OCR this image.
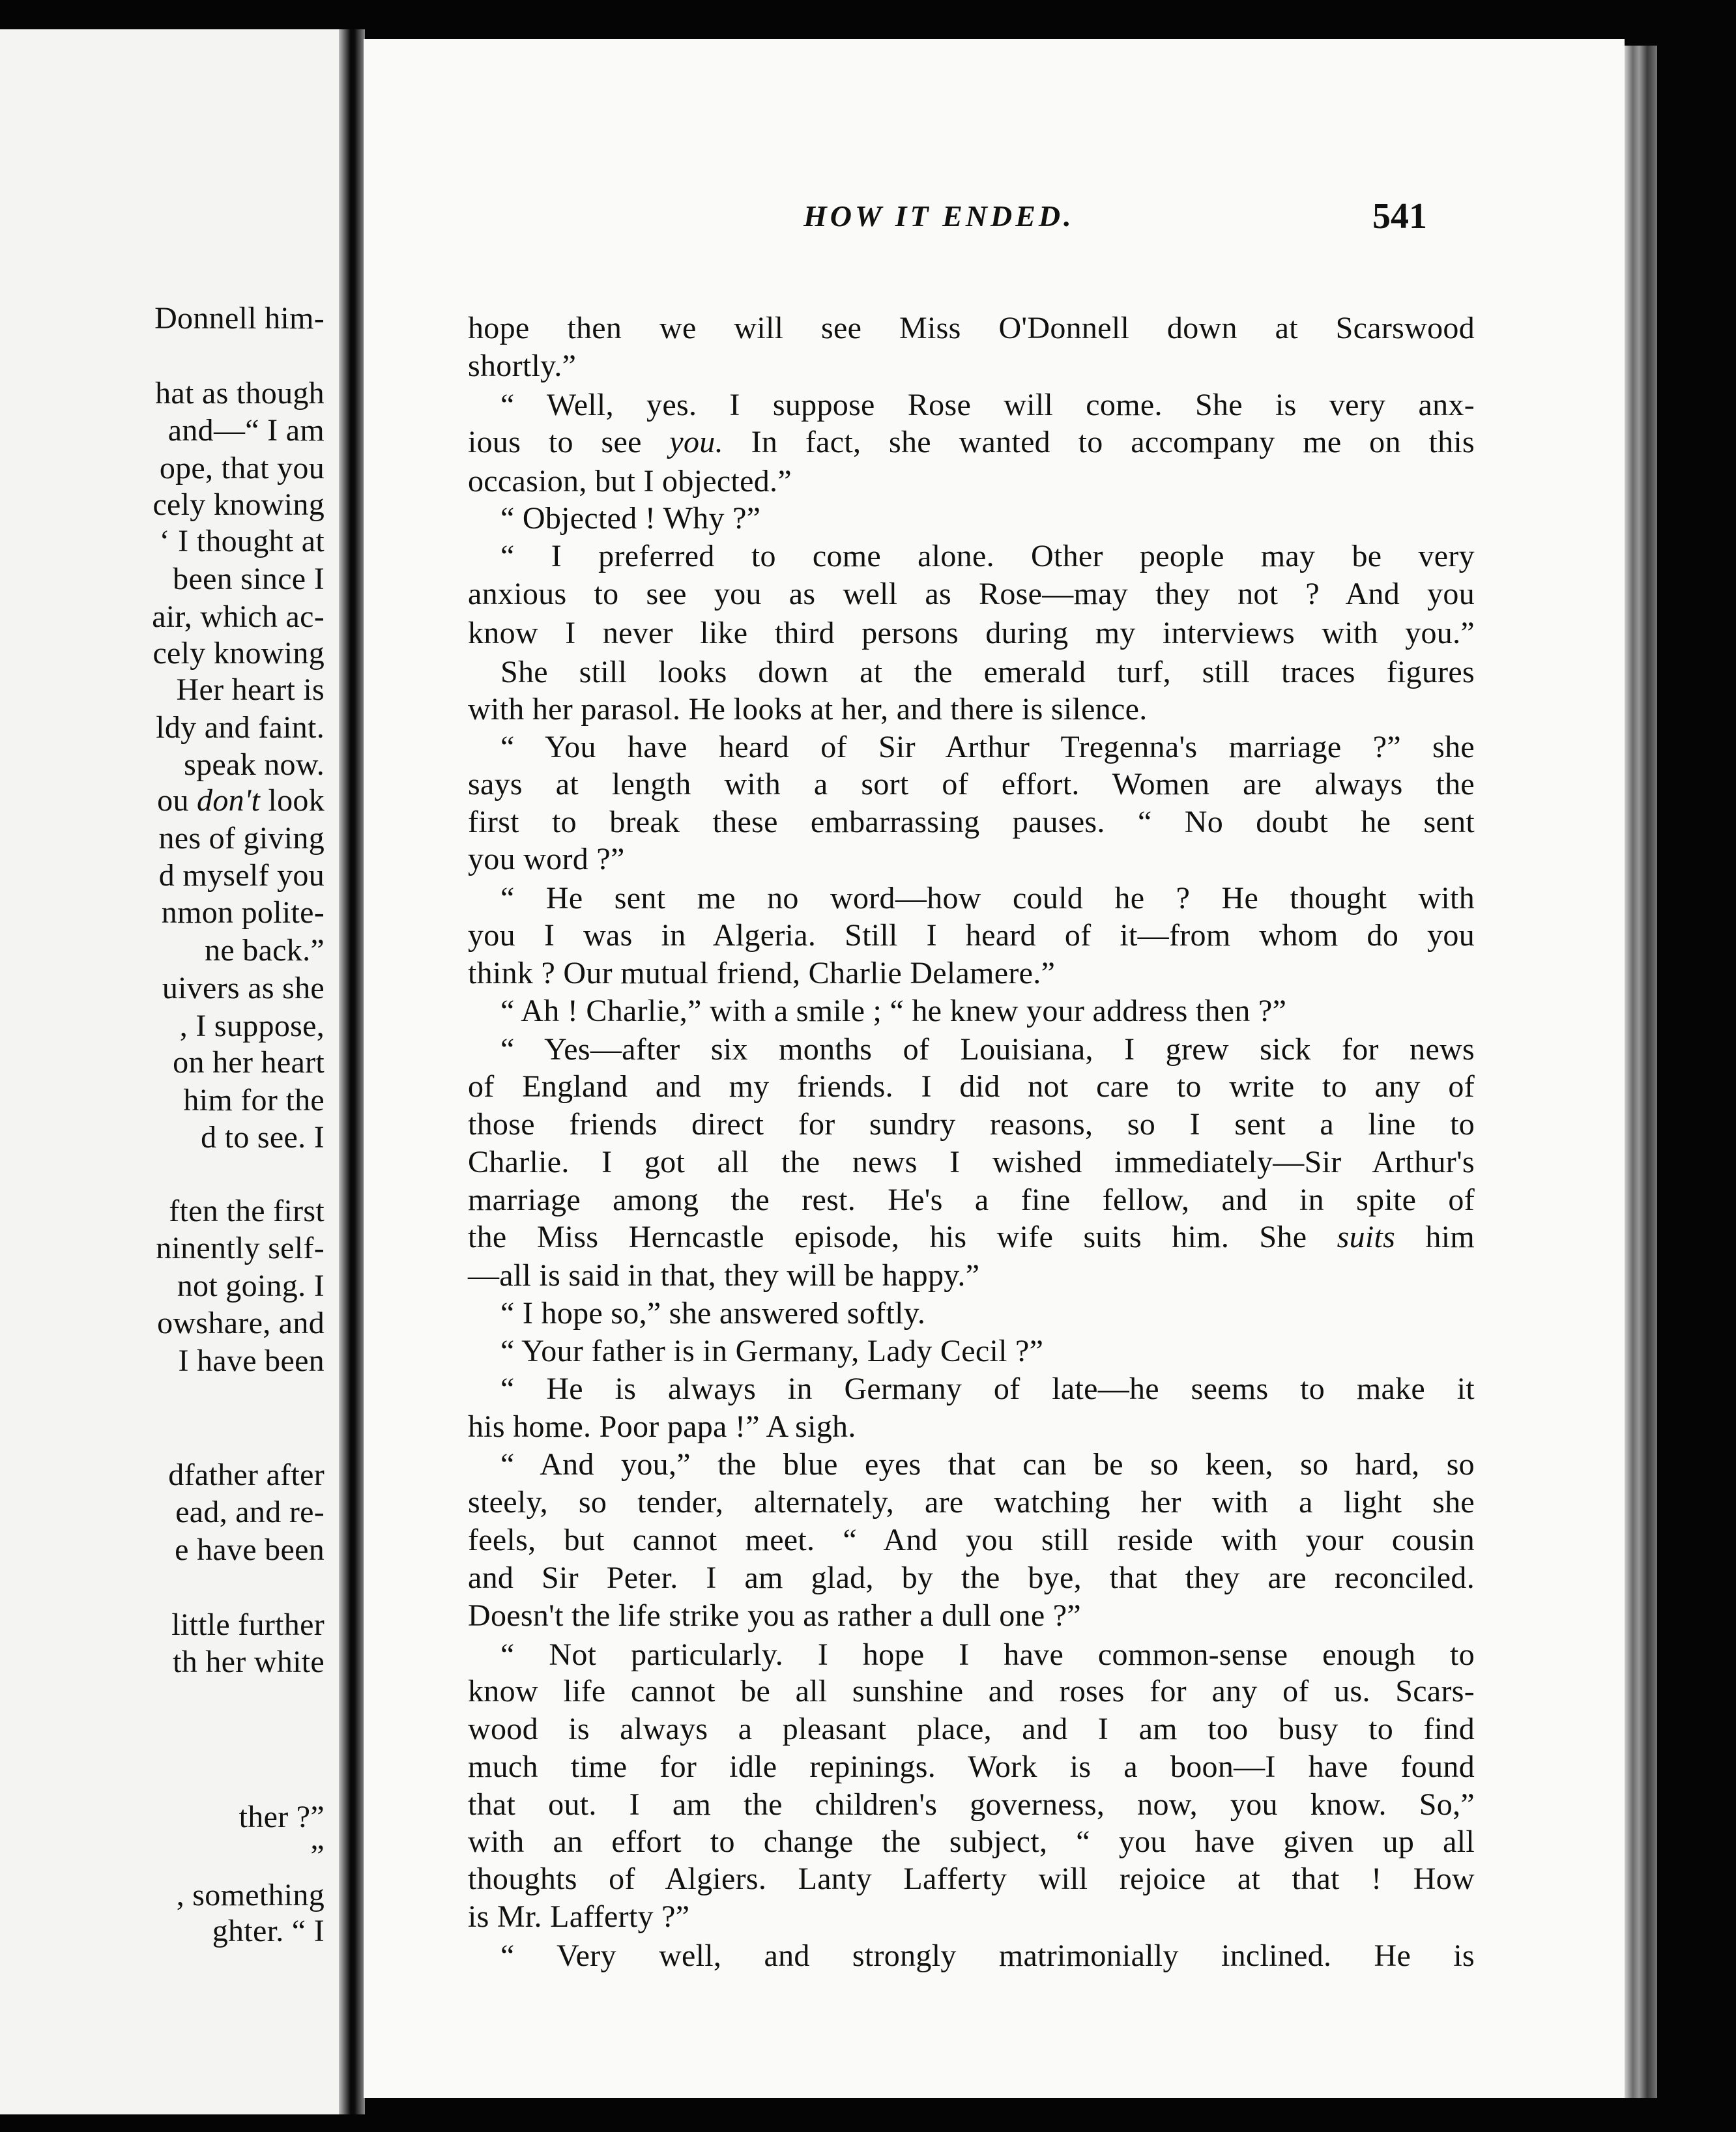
Donnell him-
hat as though
and—“ I am
ope, that you
cely knowing
‘ I thought at
been since I
air, which ac-
cely knowing
Her heart is
ldy and faint.
speak now.
ou don't look
nes of giving
d myself you
nmon polite-
ne back.”
uivers as she
, I suppose,
on her heart
him for the
d to see. I
ften the first
ninently self-
not going. I
owshare, and
I have been
dfather after
ead, and re-
e have been
little further
th her white
ther ?”
”
, something
ghter. “ I
HOW IT ENDED.	541
hope then we will see Miss O'Donnell down at Scarswood
shortly.”
“ Well, yes. I suppose Rose will come. She is very anx-
ious to see you. In fact, she wanted to accompany me on this
occasion, but I objected.”
“ Objected ! Why ?”
“ I preferred to come alone. Other people may be very
anxious to see you as well as Rose—may they not ? And you
know I never like third persons during my interviews with you.”
She still looks down at the emerald turf, still traces figures
with her parasol. He looks at her, and there is silence.
“ You have heard of Sir Arthur Tregenna's marriage ?” she
says at length with a sort of effort. Women are always the
first to break these embarrassing pauses. “ No doubt he sent
you word ?”
“ He sent me no word—how could he ? He thought with
you I was in Algeria. Still I heard of it—from whom do you
think ? Our mutual friend, Charlie Delamere.”
“ Ah ! Charlie,” with a smile ; “ he knew your address then ?”
“ Yes—after six months of Louisiana, I grew sick for news
of England and my friends. I did not care to write to any of
those friends direct for sundry reasons, so I sent a line to
Charlie. I got all the news I wished immediately—Sir Arthur's
marriage among the rest. He's a fine fellow, and in spite of
the Miss Herncastle episode, his wife suits him. She suits him
—all is said in that, they will be happy.”
“ I hope so,” she answered softly.
“ Your father is in Germany, Lady Cecil ?”
“ He is always in Germany of late—he seems to make it
his home. Poor papa !” A sigh.
“ And you,” the blue eyes that can be so keen, so hard, so
steely, so tender, alternately, are watching her with a light she
feels, but cannot meet. “ And you still reside with your cousin
and Sir Peter. I am glad, by the bye, that they are reconciled.
Doesn't the life strike you as rather a dull one ?”
“ Not particularly. I hope I have common-sense enough to
know life cannot be all sunshine and roses for any of us. Scars-
wood is always a pleasant place, and I am too busy to find
much time for idle repinings. Work is a boon—I have found
that out. I am the children's governess, now, you know. So,”
with an effort to change the subject, “ you have given up all
thoughts of Algiers. Lanty Lafferty will rejoice at that ! How
is Mr. Lafferty ?”
“ Very well, and strongly matrimonially inclined. He is
